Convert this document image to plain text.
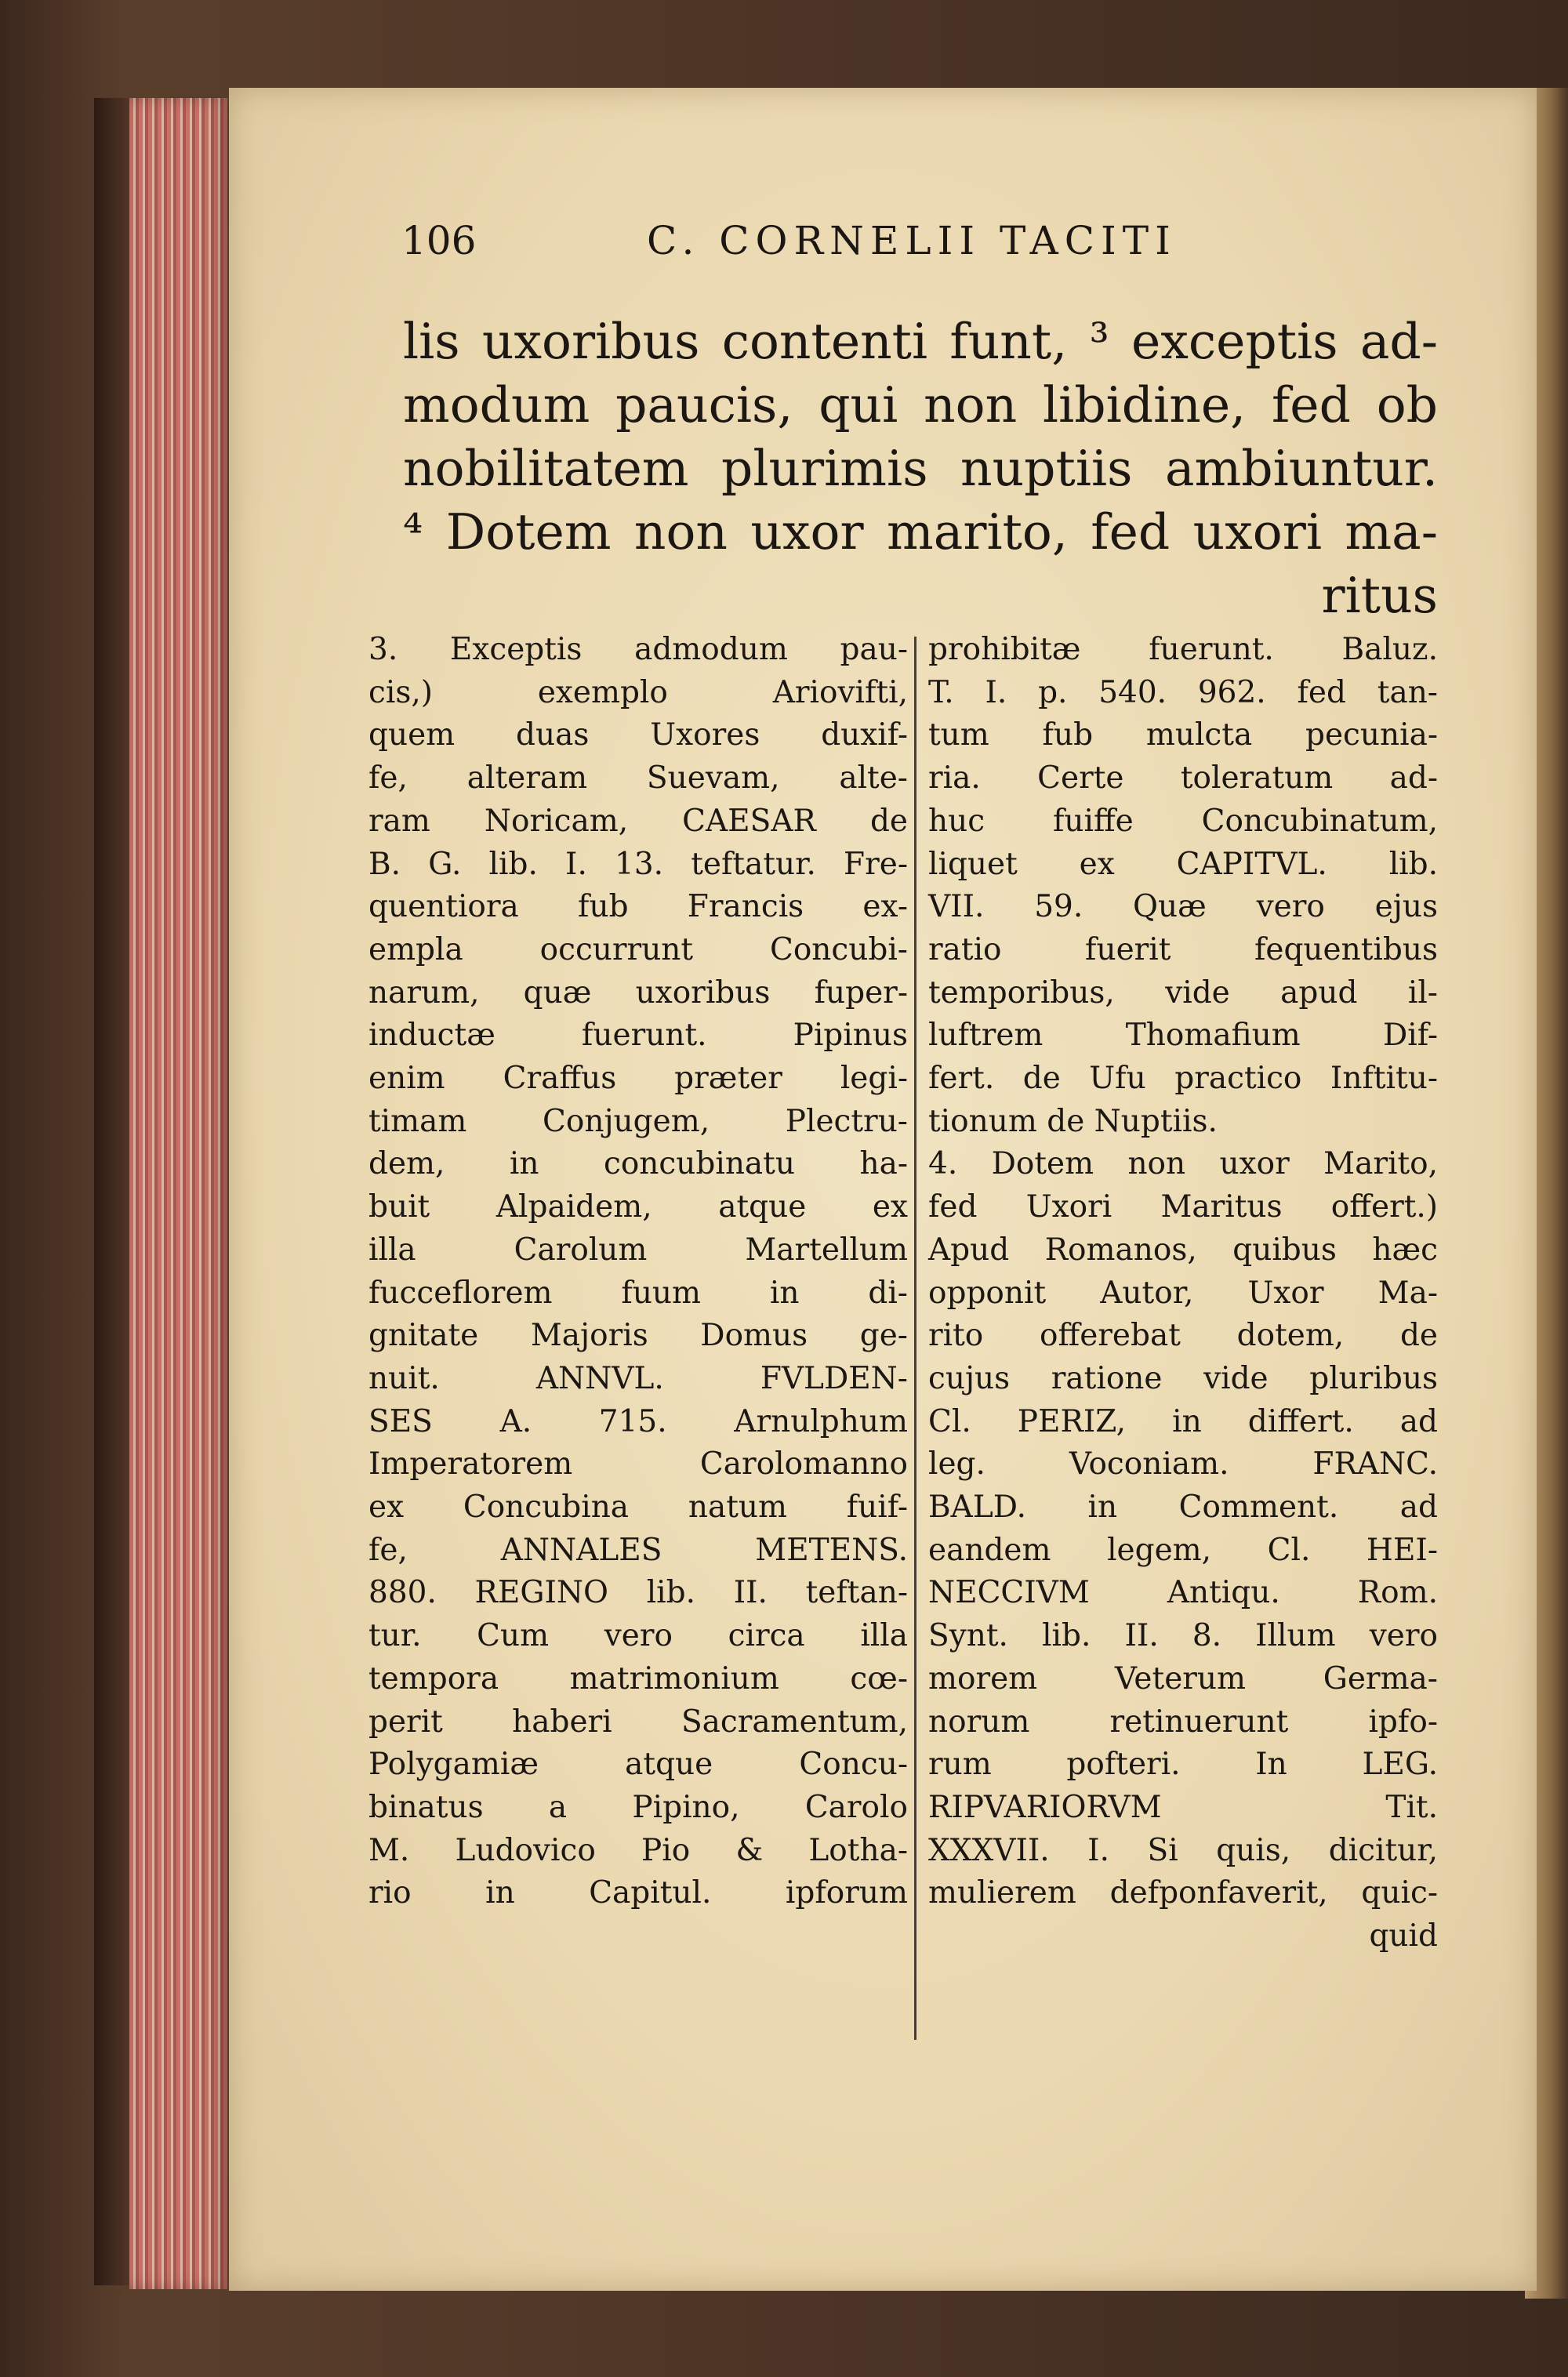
106	C. CORNELII TACITI
lis uxoribus contenti funt, ³ exceptis ad-
modum paucis, qui non libidine, fed ob
nobilitatem plurimis nuptiis ambiuntur.
⁴ Dotem non uxor marito, fed uxori ma-
ritus
3. Exceptis admodum pau-
cis,) exemplo Ariovifti,
quem duas Uxores duxif-
fe, alteram Suevam, alte-
ram Noricam, CAESAR de
B. G. lib. I. 13. teftatur. Fre-
quentiora fub Francis ex-
empla occurrunt Concubi-
narum, quæ uxoribus fuper-
inductæ fuerunt. Pipinus
enim Craffus præter legi-
timam Conjugem, Plectru-
dem, in concubinatu ha-
buit Alpaidem, atque ex
illa Carolum Martellum
fucceflorem fuum in di-
gnitate Majoris Domus ge-
nuit. ANNVL. FVLDEN-
SES A. 715. Arnulphum
Imperatorem Carolomanno
ex Concubina natum fuif-
fe, ANNALES METENS.
880. REGINO lib. II. teftan-
tur. Cum vero circa illa
tempora matrimonium cœ-
perit haberi Sacramentum,
Polygamiæ atque Concu-
binatus a Pipino, Carolo
M. Ludovico Pio & Lotha-
rio in Capitul. ipforum
prohibitæ fuerunt. Baluz.
T. I. p. 540. 962. fed tan-
tum fub mulcta pecunia-
ria. Certe toleratum ad-
huc fuiffe Concubinatum,
liquet ex CAPITVL. lib.
VII. 59. Quæ vero ejus
ratio fuerit fequentibus
temporibus, vide apud il-
luftrem Thomafium Dif-
fert. de Ufu practico Inftitu-
tionum de Nuptiis.
4. Dotem non uxor Marito,
fed Uxori Maritus offert.)
Apud Romanos, quibus hæc
opponit Autor, Uxor Ma-
rito offerebat dotem, de
cujus ratione vide pluribus
Cl. PERIZ, in differt. ad
leg. Voconiam. FRANC.
BALD. in Comment. ad
eandem legem, Cl. HEI-
NECCIVM Antiqu. Rom.
Synt. lib. II. 8. Illum vero
morem Veterum Germa-
norum retinuerunt ipfo-
rum pofteri. In LEG.
RIPVARIORVM Tit.
XXXVII. I. Si quis, dicitur,
mulierem defponfaverit, quic-
quid
